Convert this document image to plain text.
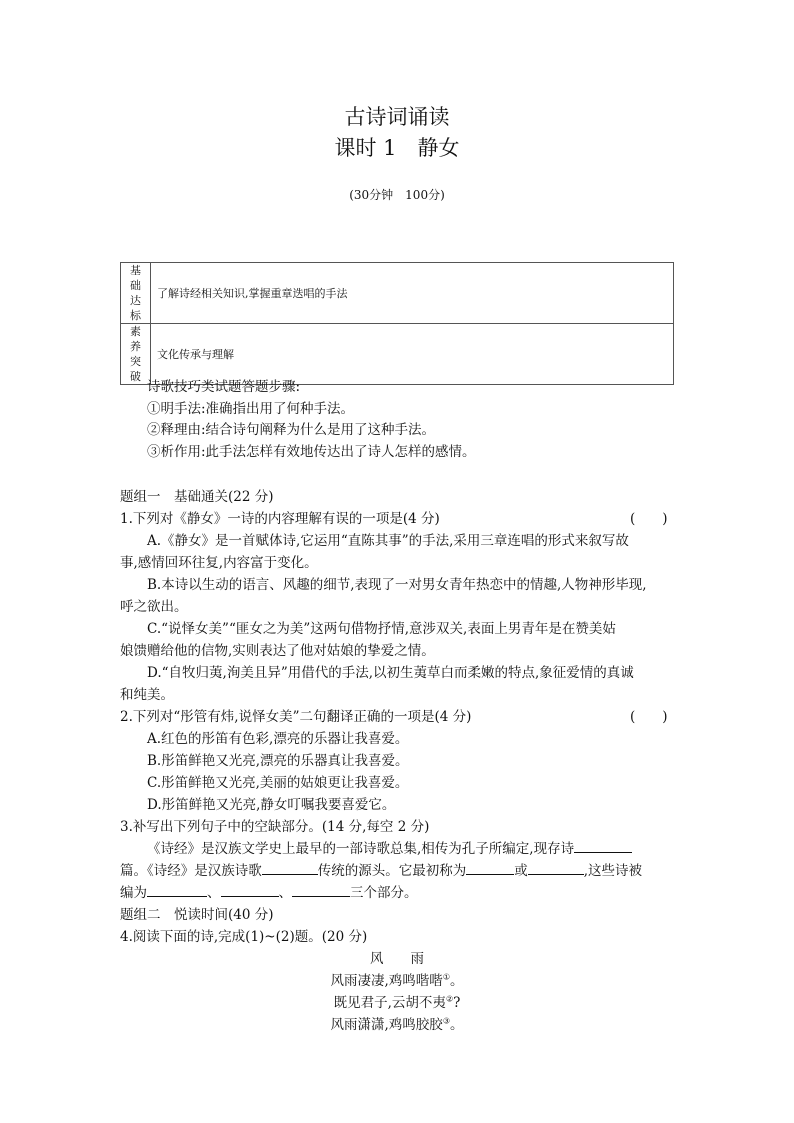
古诗词诵读
课时 1　静女
(30分钟　100分)
基础
达标	了解诗经相关知识,掌握重章迭唱的手法
素养
突破	文化传承与理解
诗歌技巧类试题答题步骤:
①明手法:准确指出用了何种手法。
②释理由:结合诗句阐释为什么是用了这种手法。
③析作用:此手法怎样有效地传达出了诗人怎样的感情。
题组一　基础通关(22 分)
1.下列对《静女》一诗的内容理解有误的一项是(4 分)	(　　)
A.《静女》是一首赋体诗,它运用“直陈其事”的手法,采用三章连唱的形式来叙写故
事,感情回环往复,内容富于变化。
B.本诗以生动的语言、风趣的细节,表现了一对男女青年热恋中的情趣,人物神形毕现,
呼之欲出。
C.“说怿女美”“匪女之为美”这两句借物抒情,意涉双关,表面上男青年是在赞美姑
娘馈赠给他的信物,实则表达了他对姑娘的挚爱之情。
D.“自牧归荑,洵美且异”用借代的手法,以初生荑草白而柔嫩的特点,象征爱情的真诚
和纯美。
2.下列对“彤管有炜,说怿女美”二句翻译正确的一项是(4 分)	(　　)
A.红色的彤笛有色彩,漂亮的乐器让我喜爱。
B.彤笛鲜艳又光亮,漂亮的乐器真让我喜爱。
C.彤笛鲜艳又光亮,美丽的姑娘更让我喜爱。
D.彤笛鲜艳又光亮,静女叮嘱我要喜爱它。
3.补写出下列句子中的空缺部分。(14 分,每空 2 分)
《诗经》是汉族文学史上最早的一部诗歌总集,相传为孔子所编定,现存诗
篇。《诗经》是汉族诗歌	传统的源头。它最初称为	或	,这些诗被
编为	、	、	三个部分。
题组二　悦读时间(40 分)
4.阅读下面的诗,完成(1)~(2)题。(20 分)
风　　雨
风雨凄凄,鸡鸣喈喈①。
既见君子,云胡不夷②?
风雨潇潇,鸡鸣胶胶③。
